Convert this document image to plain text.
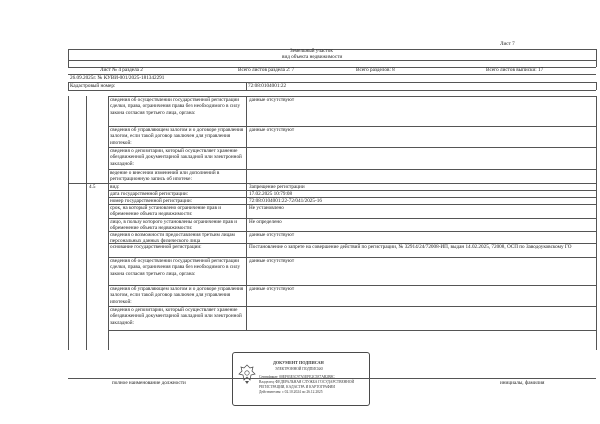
Лист 7
Земельный участок
вид объекта недвижимости
Лист № 4 раздела 2	Всего листов раздела 2: 7	Всего разделов: 8	Всего листов выписки: 17
26.09.2025г. № КУВИ-001/2025-181342291
Кадастровый номер:	72:08:0104001:22
сведения об осуществлении государственной регистрации сделки, права, ограничения права без необходимого в силу закона согласия третьего лица, органа:
данные отсутствуют
сведения об управляющем залогом и о договоре управления залогом, если такой договор заключен для управления ипотекой:
данные отсутствуют
сведения о депозитарии, который осуществляет хранение обездвиженной документарной закладной или электронной закладной:
ведение о внесении изменений или дополнений в регистрационную запись об ипотеке:
4.5	вид:	Запрещение регистрации
дата государственной регистрации:	17.02.2025 10:79:08
номер государственной регистрации:	72:08:0104001:22-72/041/2025-16
срок, на который установлено ограничение прав и обременение объекта недвижимости:
Не установлено
лицо, в пользу которого установлены ограничение прав и обременение объекта недвижимости:
Не определено
сведения о возможности предоставления третьим лицам персональных данных физического лица
данные отсутствуют
основание государственной регистрации:	Постановление о запрете на совершение действий по регистрации, № 32914/24/72008-ИП, выдан 14.02.2025, 72008, ОСП по Заводоуковскому ГО
сведения об осуществлении государственной регистрации сделки, права, ограничения права без необходимого в силу закона согласия третьего лица, органа:
данные отсутствуют
сведения об управляющем залогом и о договоре управления залогом, если такой договор заключен для управления ипотекой:
данные отсутствуют
сведения о депозитарии, который осуществляет хранение обездвиженной документарной закладной или электронной закладной:
ДОКУМЕНТ ПОДПИСАН
ЭЛЕКТРОННОЙ ПОДПИСЬЮ
Сертификат: 00ЕF83Е3С97А5ЕFЕ2С5Е7АВ2В8С
Владелец: ФЕДЕРАЛЬНАЯ СЛУЖБА ГОСУДАРСТВЕННОЙ
РЕГИСТРАЦИИ, КАДАСТРА И КАРТОГРАФИИ
Действителен: с 02.10.2024 по 26.12.2025
полное наименование должности	инициалы, фамилия
